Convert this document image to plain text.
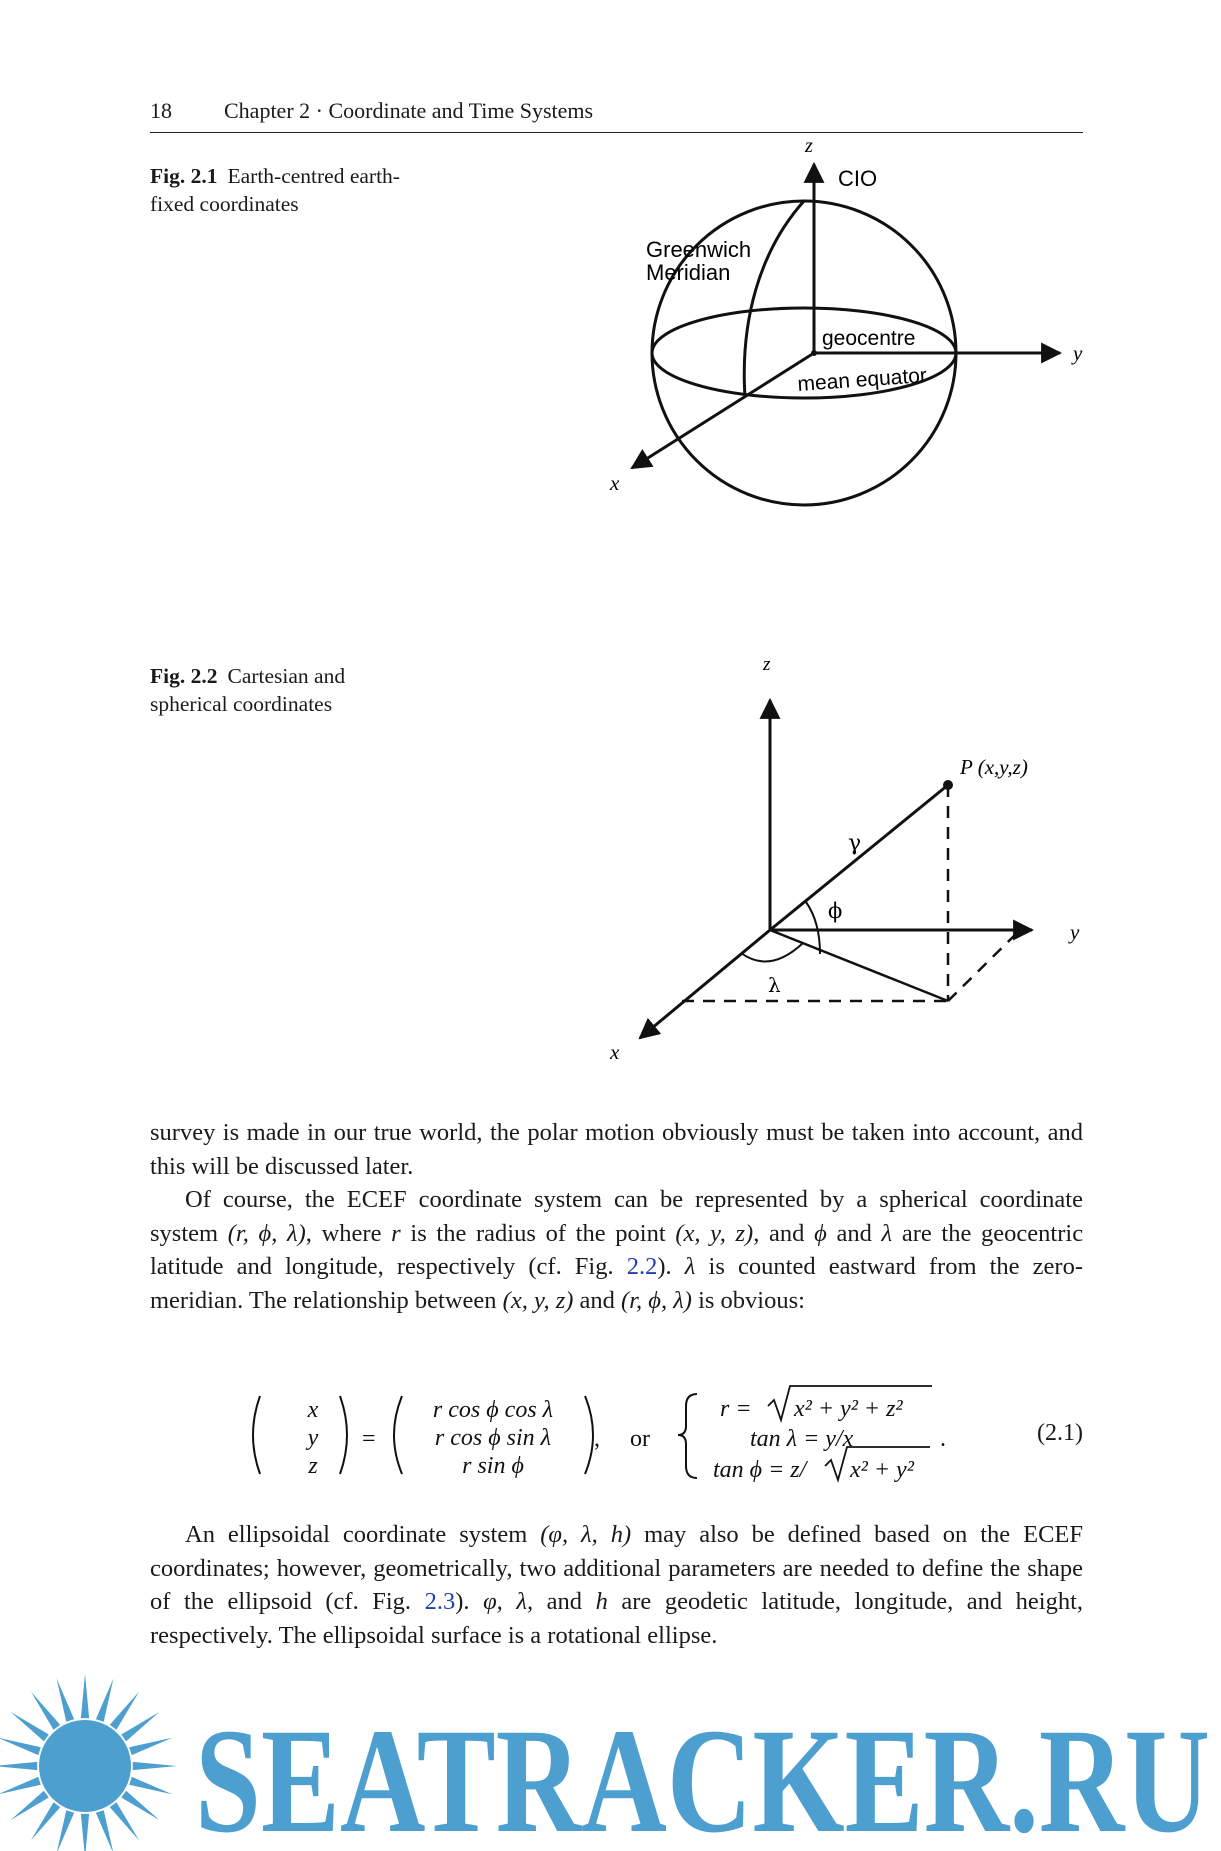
18 Chapter 2 · Coordinate and Time Systems
Fig. 2.1 Earth-centred earth-fixed coordinates
z
CIO
Greenwich
Meridian
geocentre
mean equator
y
x
Fig. 2.2 Cartesian and spherical coordinates
z
P (x,y,z)
γ
ϕ
λ
y
x
survey is made in our true world, the polar motion obviously must be taken into account, and this will be discussed later.
Of course, the ECEF coordinate system can be represented by a spherical coordinate system (r, ϕ, λ), where r is the radius of the point (x, y, z), and ϕ and λ are the geocentric latitude and longitude, respectively (cf. Fig. 2.2). λ is counted eastward from the zero-meridian. The relationship between (x, y, z) and (r, ϕ, λ) is obvious:
x
y
z
=
r cos ϕ cos λ
r cos ϕ sin λ
r sin ϕ
, or
r = x² + y² + z²
tan λ = y/x
tan ϕ = z/ x² + y²
.	(2.1)
An ellipsoidal coordinate system (φ, λ, h) may also be defined based on the ECEF coordinates; however, geometrically, two additional parameters are needed to define the shape of the ellipsoid (cf. Fig. 2.3). φ, λ, and h are geodetic latitude, longitude, and height, respectively. The ellipsoidal surface is a rotational ellipse.
SEATRACKER.RU
